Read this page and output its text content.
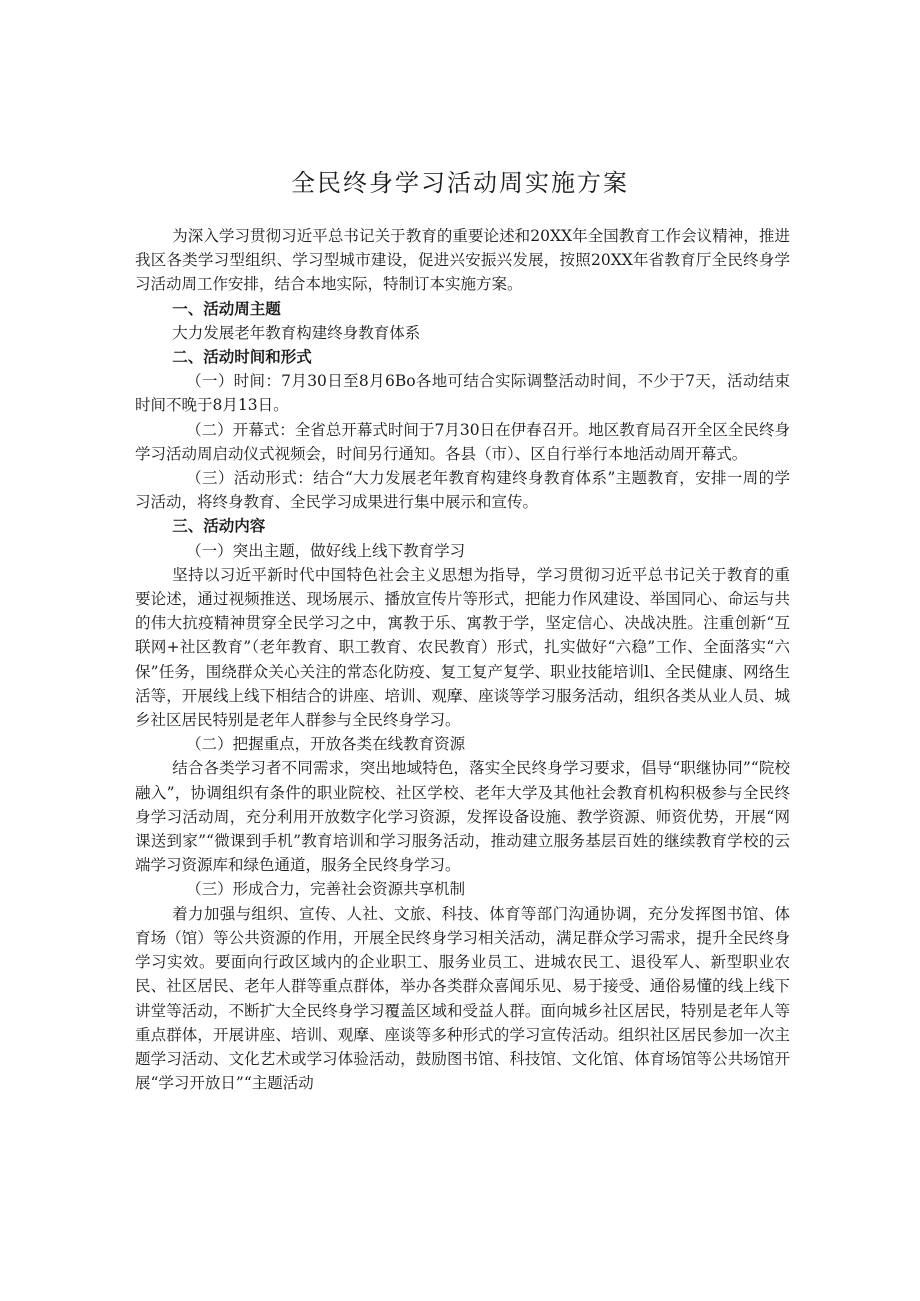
全民终身学习活动周实施方案

为深入学习贯彻习近平总书记关于教育的重要论述和20XX年全国教育工作会议精神，推进我区各类学习型组织、学习型城市建设，促进兴安振兴发展，按照20XX年省教育厅全民终身学习活动周工作安排，结合本地实际，特制订本实施方案。

一、活动周主题

大力发展老年教育构建终身教育体系

二、活动时间和形式

（一）时间：7月30日至8月6Bo各地可结合实际调整活动时间，不少于7天，活动结束时间不晚于8月13日。

（二）开幕式：全省总开幕式时间于7月30日在伊春召开。地区教育局召开全区全民终身学习活动周启动仪式视频会，时间另行通知。各县（市）、区自行举行本地活动周开幕式。

（三）活动形式：结合“大力发展老年教育构建终身教育体系”主题教育，安排一周的学习活动，将终身教育、全民学习成果进行集中展示和宣传。

三、活动内容

（一）突出主题，做好线上线下教育学习

坚持以习近平新时代中国特色社会主义思想为指导，学习贯彻习近平总书记关于教育的重要论述，通过视频推送、现场展示、播放宣传片等形式，把能力作风建设、举国同心、命运与共的伟大抗疫精神贯穿全民学习之中，寓教于乐、寓教于学，坚定信心、决战决胜。注重创新“互联网+社区教育”（老年教育、职工教育、农民教育）形式，扎实做好“六稳”工作、全面落实“六保”任务，围绕群众关心关注的常态化防疫、复工复产复学、职业技能培训l、全民健康、网络生活等，开展线上线下相结合的讲座、培训、观摩、座谈等学习服务活动，组织各类从业人员、城乡社区居民特别是老年人群参与全民终身学习。

（二）把握重点，开放各类在线教育资源

结合各类学习者不同需求，突出地域特色，落实全民终身学习要求，倡导“职继协同”“院校融入”，协调组织有条件的职业院校、社区学校、老年大学及其他社会教育机构积极参与全民终身学习活动周，充分利用开放数字化学习资源，发挥设备设施、教学资源、师资优势，开展“网课送到家”“微课到手机”教育培训和学习服务活动，推动建立服务基层百姓的继续教育学校的云端学习资源库和绿色通道，服务全民终身学习。

（三）形成合力，完善社会资源共享机制

着力加强与组织、宣传、人社、文旅、科技、体育等部门沟通协调，充分发挥图书馆、体育场（馆）等公共资源的作用，开展全民终身学习相关活动，满足群众学习需求，提升全民终身学习实效。要面向行政区域内的企业职工、服务业员工、进城农民工、退役军人、新型职业农民、社区居民、老年人群等重点群体，举办各类群众喜闻乐见、易于接受、通俗易懂的线上线下讲堂等活动，不断扩大全民终身学习覆盖区域和受益人群。面向城乡社区居民，特别是老年人等重点群体，开展讲座、培训、观摩、座谈等多种形式的学习宣传活动。组织社区居民参加一次主题学习活动、文化艺术或学习体验活动，鼓励图书馆、科技馆、文化馆、体育场馆等公共场馆开展“学习开放日”“主题活动
